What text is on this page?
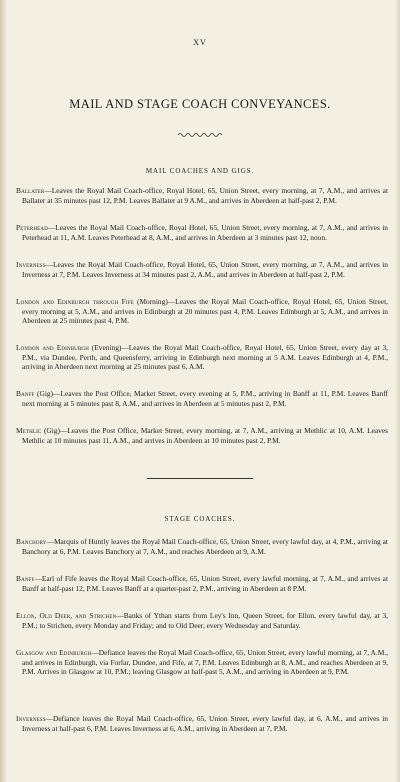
XV
MAIL AND STAGE COACH CONVEYANCES.
MAIL COACHES AND GIGS.
Ballater—Leaves the Royal Mail Coach-office, Royal Hotel, 65, Union Street, every morning, at 7, A.M., and arrives at Ballater at 35 minutes past 12, P.M. Leaves Ballater at 9 A.M., and arrives in Aberdeen at half-past 2, P.M.
Peterhead—Leaves the Royal Mail Coach-office, Royal Hotel, 65, Union Street, every morning, at 7, A.M., and arrives in Peterhead at 11, A.M. Leaves Peterhead at 8, A.M., and arrives in Aberdeen at 3 minutes past 12, noon.
Inverness—Leaves the Royal Mail Coach-office, Royal Hotel, 65, Union Street, every morning, at 7, A.M., and arrives in Inverness at 7, P.M. Leaves Inverness at 34 minutes past 2, A.M., and arrives in Aberdeen at half-past 2, P.M.
London and Edinburgh through Fife (Morning)—Leaves the Royal Mail Coach-office, Royal Hotel, 65, Union Street, every morning at 5, A.M., and arrives in Edinburgh at 20 minutes past 4, P.M. Leaves Edinburgh at 5, A.M., and arrives in Aberdeen at 25 minutes past 4, P.M.
London and Edinburgh (Evening)—Leaves the Royal Mail Coach-office, Royal Hotel, 65, Union Street, every day at 3, P.M., via Dundee, Perth, and Queensferry, arriving in Edinburgh next morning at 5 A.M. Leaves Edinburgh at 4, P.M., arriving in Aberdeen next morning at 25 minutes past 6, A.M.
Banff (Gig)—Leaves the Post Office, Market Street, every evening at 5, P.M., arriving in Banff at 11, P.M. Leaves Banff next morning at 5 minutes past 8, A.M., and arrives in Aberdeen at 5 minutes past 2, P.M.
Methlic (Gig)—Leaves the Post Office, Market Street, every morning, at 7, A.M., arriving at Methlic at 10, A.M. Leaves Methlic at 10 minutes past 11, A.M., and arrives in Aberdeen at 10 minutes past 2, P.M.
STAGE COACHES.
Banchory—Marquis of Huntly leaves the Royal Mail Coach-office, 65, Union Street, every lawful day, at 4, P.M., arriving at Banchory at 6, P.M. Leaves Banchory at 7, A.M., and reaches Aberdeen at 9, A.M.
Banff—Earl of Fife leaves the Royal Mail Coach-office, 65, Union Street, every lawful morning, at 7, A.M., and arrives at Banff at half-past 12, P.M. Leaves Banff at a quarter-past 2, P.M., arriving in Aberdeen at 8 P.M.
Ellon, Old Deer, and Strichen—Banks of Ythan starts from Ley's Inn, Queen Street, for Ellon, every lawful day, at 3, P.M.; to Strichen, every Monday and Friday; and to Old Deer, every Wednesday and Saturday.
Glasgow and Edinburgh—Defiance leaves the Royal Mail Coach-office, 65, Union Street, every lawful morning, at 7, A.M., and arrives in Edinburgh, via Forfar, Dundee, and Fife, at 7, P.M. Leaves Edinburgh at 8, A.M., and reaches Aberdeen at 9, P.M. Arrives in Glasgow at 10, P.M.; leaving Glasgow at half-past 5, A.M., and arriving in Aberdeen at 9, P.M.
Inverness—Defiance leaves the Royal Mail Coach-office, 65, Union Street, every lawful day, at 6, A.M., and arrives in Inverness at half-past 6, P.M. Leaves Inverness at 6, A.M., arriving in Aberdeen at 7, P.M.
